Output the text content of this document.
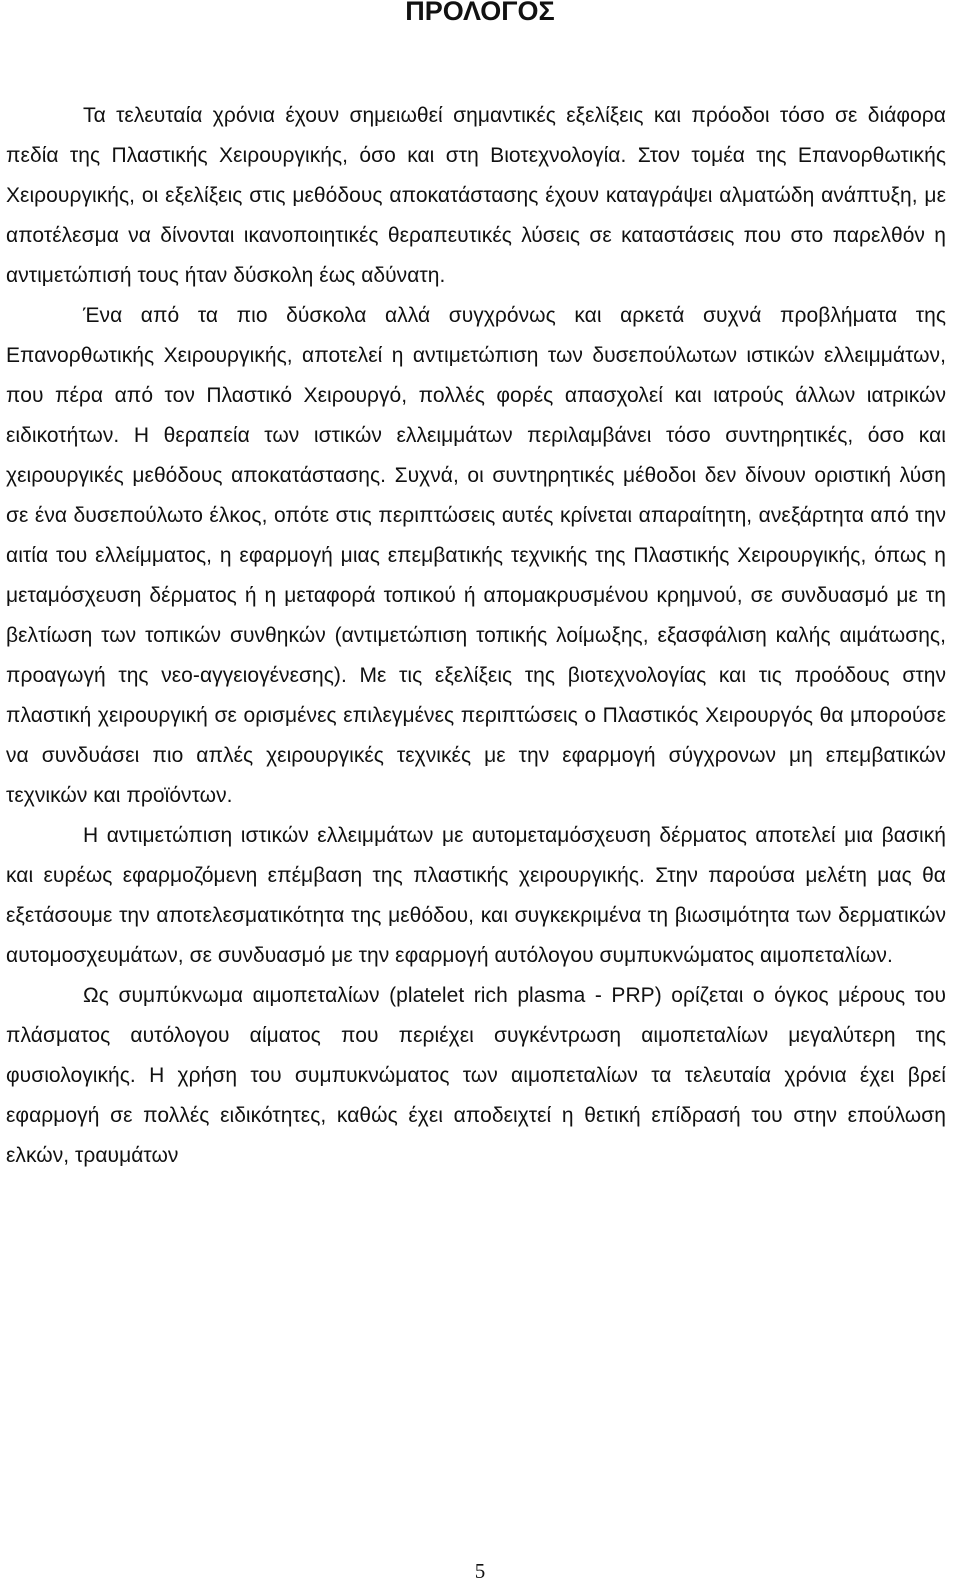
ΠΡΟΛΟΓΟΣ

Τα τελευταία χρόνια έχουν σημειωθεί σημαντικές εξελίξεις και πρόοδοι τόσο σε διάφορα πεδία της Πλαστικής Χειρουργικής, όσο και στη Βιοτεχνολογία. Στον τομέα της Επανορθωτικής Χειρουργικής, οι εξελίξεις στις μεθόδους αποκατάστασης έχουν καταγράψει αλματώδη ανάπτυξη, με αποτέλεσμα να δίνονται ικανοποιητικές θεραπευτικές λύσεις σε καταστάσεις που στο παρελθόν η αντιμετώπισή τους ήταν δύσκολη έως αδύνατη.

Ένα από τα πιο δύσκολα αλλά συγχρόνως και αρκετά συχνά προβλήματα της Επανορθωτικής Χειρουργικής, αποτελεί η αντιμετώπιση των δυσεπούλωτων ιστικών ελλειμμάτων, που πέρα από τον Πλαστικό Χειρουργό, πολλές φορές απασχολεί και ιατρούς άλλων ιατρικών ειδικοτήτων. Η θεραπεία των ιστικών ελλειμμάτων περιλαμβάνει τόσο συντηρητικές, όσο και χειρουργικές μεθόδους αποκατάστασης. Συχνά, οι συντηρητικές μέθοδοι δεν δίνουν οριστική λύση σε ένα δυσεπούλωτο έλκος, οπότε στις περιπτώσεις αυτές κρίνεται απαραίτητη, ανεξάρτητα από την αιτία του ελλείμματος, η εφαρμογή μιας επεμβατικής τεχνικής της Πλαστικής Χειρουργικής, όπως η μεταμόσχευση δέρματος ή η μεταφορά τοπικού ή απομακρυσμένου κρημνού, σε συνδυασμό με τη βελτίωση των τοπικών συνθηκών (αντιμετώπιση τοπικής λοίμωξης, εξασφάλιση καλής αιμάτωσης, προαγωγή της νεο-αγγειογένεσης). Με τις εξελίξεις της βιοτεχνολογίας και τις προόδους στην πλαστική χειρουργική σε ορισμένες επιλεγμένες περιπτώσεις ο Πλαστικός Χειρουργός θα μπορούσε να συνδυάσει πιο απλές χειρουργικές τεχνικές με την εφαρμογή σύγχρονων μη επεμβατικών τεχνικών και προϊόντων.

Η αντιμετώπιση ιστικών ελλειμμάτων με αυτομεταμόσχευση δέρματος αποτελεί μια βασική και ευρέως εφαρμοζόμενη επέμβαση της πλαστικής χειρουργικής. Στην παρούσα μελέτη μας θα εξετάσουμε την αποτελεσματικότητα της μεθόδου, και συγκεκριμένα τη βιωσιμότητα των δερματικών αυτομοσχευμάτων, σε συνδυασμό με την εφαρμογή αυτόλογου συμπυκνώματος αιμοπεταλίων.

Ως συμπύκνωμα αιμοπεταλίων (platelet rich plasma - PRP) ορίζεται ο όγκος μέρους του πλάσματος αυτόλογου αίματος που περιέχει συγκέντρωση αιμοπεταλίων μεγαλύτερη της φυσιολογικής. Η χρήση του συμπυκνώματος των αιμοπεταλίων τα τελευταία χρόνια έχει βρεί εφαρμογή σε πολλές ειδικότητες, καθώς έχει αποδειχτεί η θετική επίδρασή του στην επούλωση ελκών, τραυμάτων

5
